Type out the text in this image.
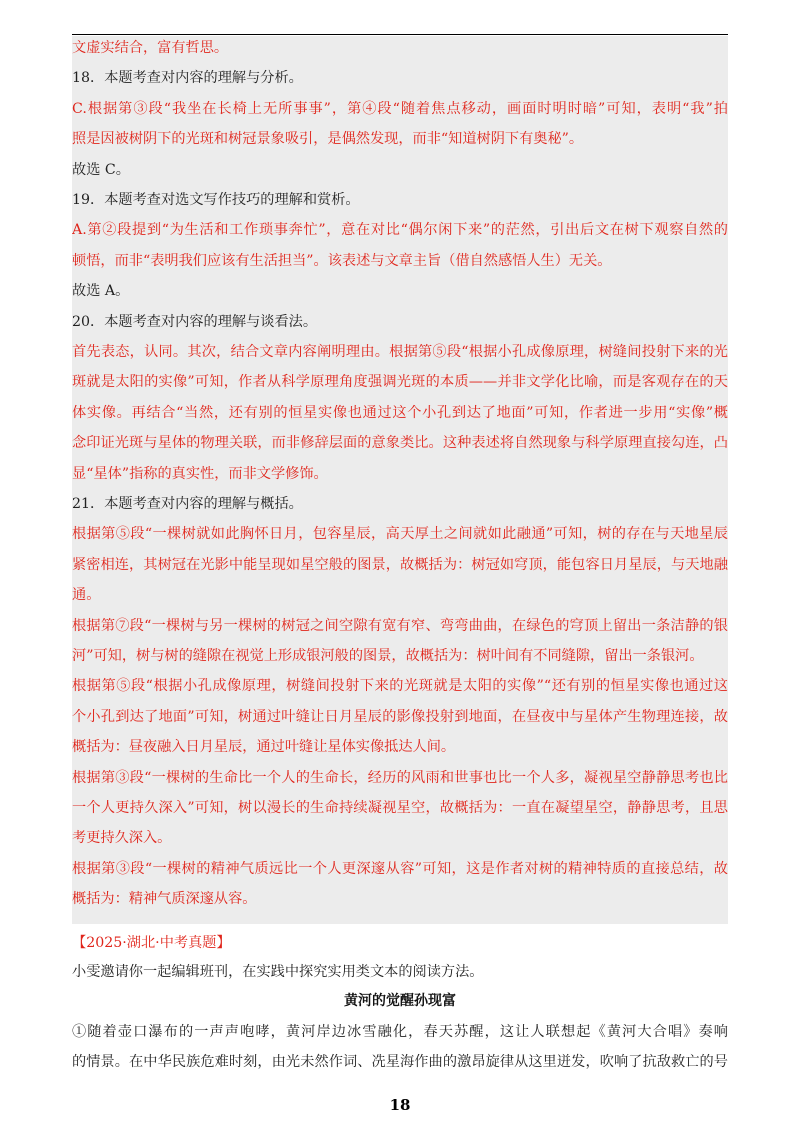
文虚实结合，富有哲思。
18．本题考查对内容的理解与分析。
C.根据第③段“我坐在长椅上无所事事”，第④段“随着焦点移动，画面时明时暗”可知，表明“我”拍
照是因被树阴下的光斑和树冠景象吸引，是偶然发现，而非“知道树阴下有奥秘”。
故选 C。
19．本题考查对选文写作技巧的理解和赏析。
A.第②段提到“为生活和工作琐事奔忙”，意在对比“偶尔闲下来”的茫然，引出后文在树下观察自然的
顿悟，而非“表明我们应该有生活担当”。该表述与文章主旨（借自然感悟人生）无关。
故选 A。
20．本题考查对内容的理解与谈看法。
首先表态，认同。其次，结合文章内容阐明理由。根据第⑤段“根据小孔成像原理，树缝间投射下来的光
斑就是太阳的实像”可知，作者从科学原理角度强调光斑的本质——并非文学化比喻，而是客观存在的天
体实像。再结合“当然，还有别的恒星实像也通过这个小孔到达了地面”可知，作者进一步用“实像”概
念印证光斑与星体的物理关联，而非修辞层面的意象类比。这种表述将自然现象与科学原理直接勾连，凸
显“星体”指称的真实性，而非文学修饰。
21．本题考查对内容的理解与概括。
根据第⑤段“一棵树就如此胸怀日月，包容星辰，高天厚土之间就如此融通”可知，树的存在与天地星辰
紧密相连，其树冠在光影中能呈现如星空般的图景，故概括为：树冠如穹顶，能包容日月星辰，与天地融
通。
根据第⑦段“一棵树与另一棵树的树冠之间空隙有宽有窄、弯弯曲曲，在绿色的穹顶上留出一条洁静的银
河”可知，树与树的缝隙在视觉上形成银河般的图景，故概括为：树叶间有不同缝隙，留出一条银河。
根据第⑤段“根据小孔成像原理，树缝间投射下来的光斑就是太阳的实像”“还有别的恒星实像也通过这
个小孔到达了地面”可知，树通过叶缝让日月星辰的影像投射到地面，在昼夜中与星体产生物理连接，故
概括为：昼夜融入日月星辰，通过叶缝让星体实像抵达人间。
根据第③段“一棵树的生命比一个人的生命长，经历的风雨和世事也比一个人多，凝视星空静静思考也比
一个人更持久深入”可知，树以漫长的生命持续凝视星空，故概括为：一直在凝望星空，静静思考，且思
考更持久深入。
根据第③段“一棵树的精神气质远比一个人更深邃从容”可知，这是作者对树的精神特质的直接总结，故
概括为：精神气质深邃从容。
【2025·湖北·中考真题】
小雯邀请你一起编辑班刊，在实践中探究实用类文本的阅读方法。
黄河的觉醒孙现富
①随着壶口瀑布的一声声咆哮，黄河岸边冰雪融化，春天苏醒，这让人联想起《黄河大合唱》奏响
的情景。在中华民族危难时刻，由光未然作词、冼星海作曲的激昂旋律从这里迸发，吹响了抗敌救亡的号
18
